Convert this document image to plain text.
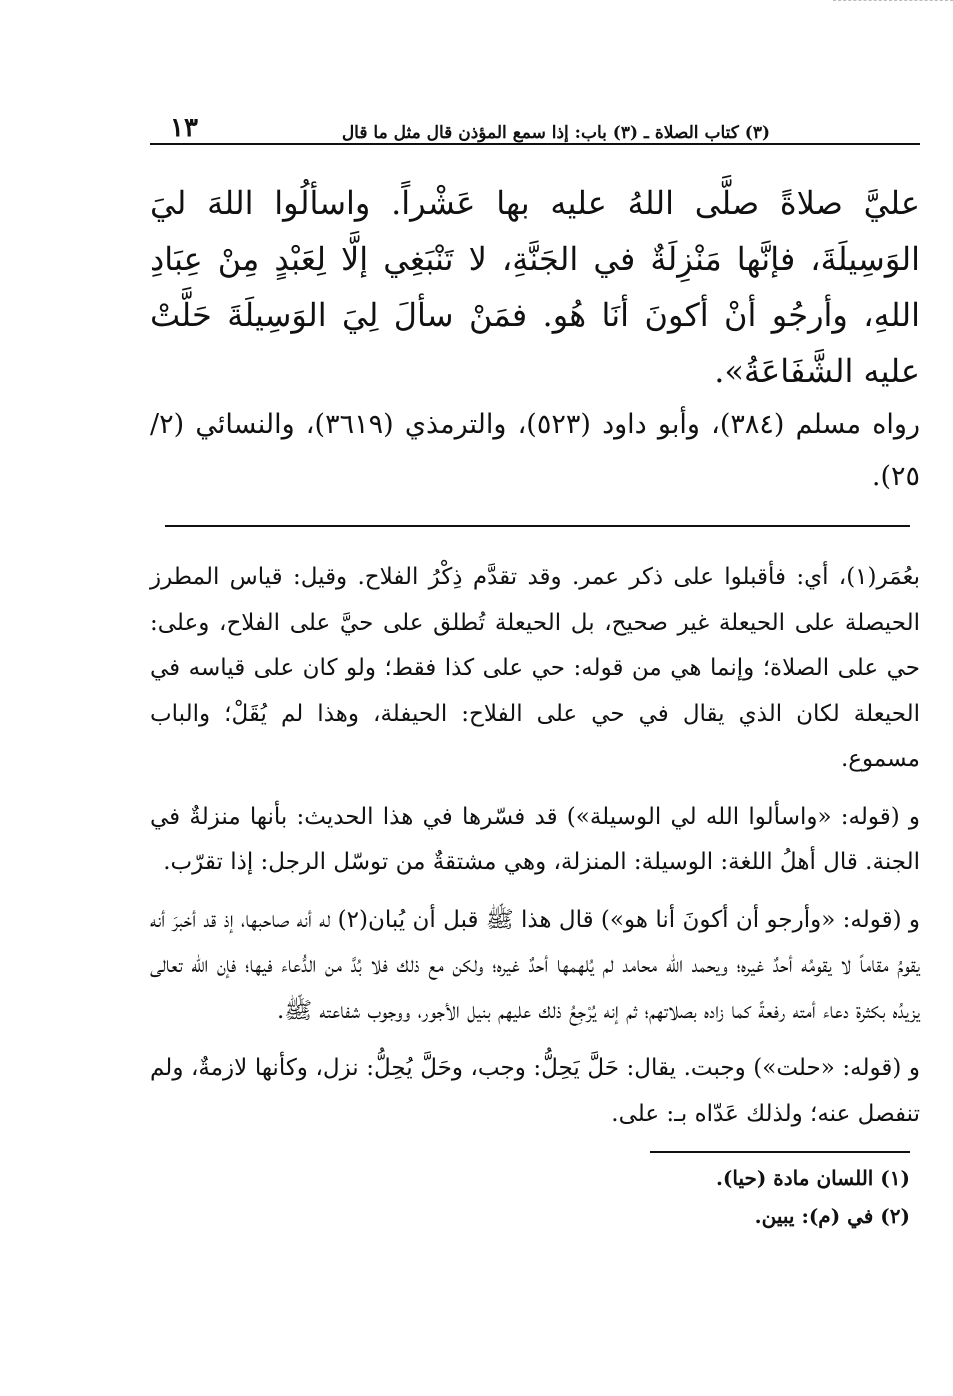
١٣	(٣) كتاب الصلاة ـ (٣) باب: إذا سمع المؤذن قال مثل ما قال

عليَّ صلاةً صلَّى اللهُ عليه بها عَشْراً. واسألُوا اللهَ ليَ الوَسِيلَةَ، فإنَّها مَنْزِلَةٌ في الجَنَّةِ، لا تَنْبَغِي إلَّا لِعَبْدٍ مِنْ عِبَادِ اللهِ، وأرجُو أنْ أكونَ أنَا هُو. فمَنْ سألَ لِيَ الوَسِيلَةَ حَلَّتْ عليه الشَّفَاعَةُ».

رواه مسلم (٣٨٤)، وأبو داود (٥٢٣)، والترمذي (٣٦١٩)، والنسائي (٢/ ٢٥).

بعُمَر(١)، أي: فأقبلوا على ذكر عمر. وقد تقدَّم ذِكْرُ الفلاح. وقيل: قياس المطرز الحيصلة على الحيعلة غير صحيح، بل الحيعلة تُطلق على حيَّ على الفلاح، وعلى: حي على الصلاة؛ وإنما هي من قوله: حي على كذا فقط؛ ولو كان على قياسه في الحيعلة لكان الذي يقال في حي على الفلاح: الحيفلة، وهذا لم يُقَلْ؛ والباب مسموع.

و (قوله: «واسألوا الله لي الوسيلة») قد فسّرها في هذا الحديث: بأنها منزلةٌ في الجنة. قال أهلُ اللغة: الوسيلة: المنزلة، وهي مشتقةٌ من توسّل الرجل: إذا تقرّب.

و (قوله: «وأرجو أن أكونَ أنا هو») قال هذا ﷺ قبل أن يُبان(٢) له أنه صاحبها، إذ قد أخبرَ أنه يقومُ مقاماً لا يقومُه أحدٌ غيره؛ ويحمد الله محامد لم يُلهمها أحدٌ غيره؛ ولكن مع ذلك فلا بُدَّ من الدُّعاء فيها؛ فإن الله تعالى يزيدُه بكثرة دعاء أمته رفعةً كما زاده بصلاتهم؛ ثم إنه يُرْجِعُ ذلك عليهم بنيل الأجور، ووجوب شفاعته ﷺ.

و (قوله: «حلت») وجبت. يقال: حَلَّ يَحِلُّ: وجب، وحَلَّ يُحِلُّ: نزل، وكأنها لازمةٌ، ولم تنفصل عنه؛ ولذلك عَدّاه بـ: على.

(١) اللسان مادة (حيا).
(٢) في (م): يبين.
